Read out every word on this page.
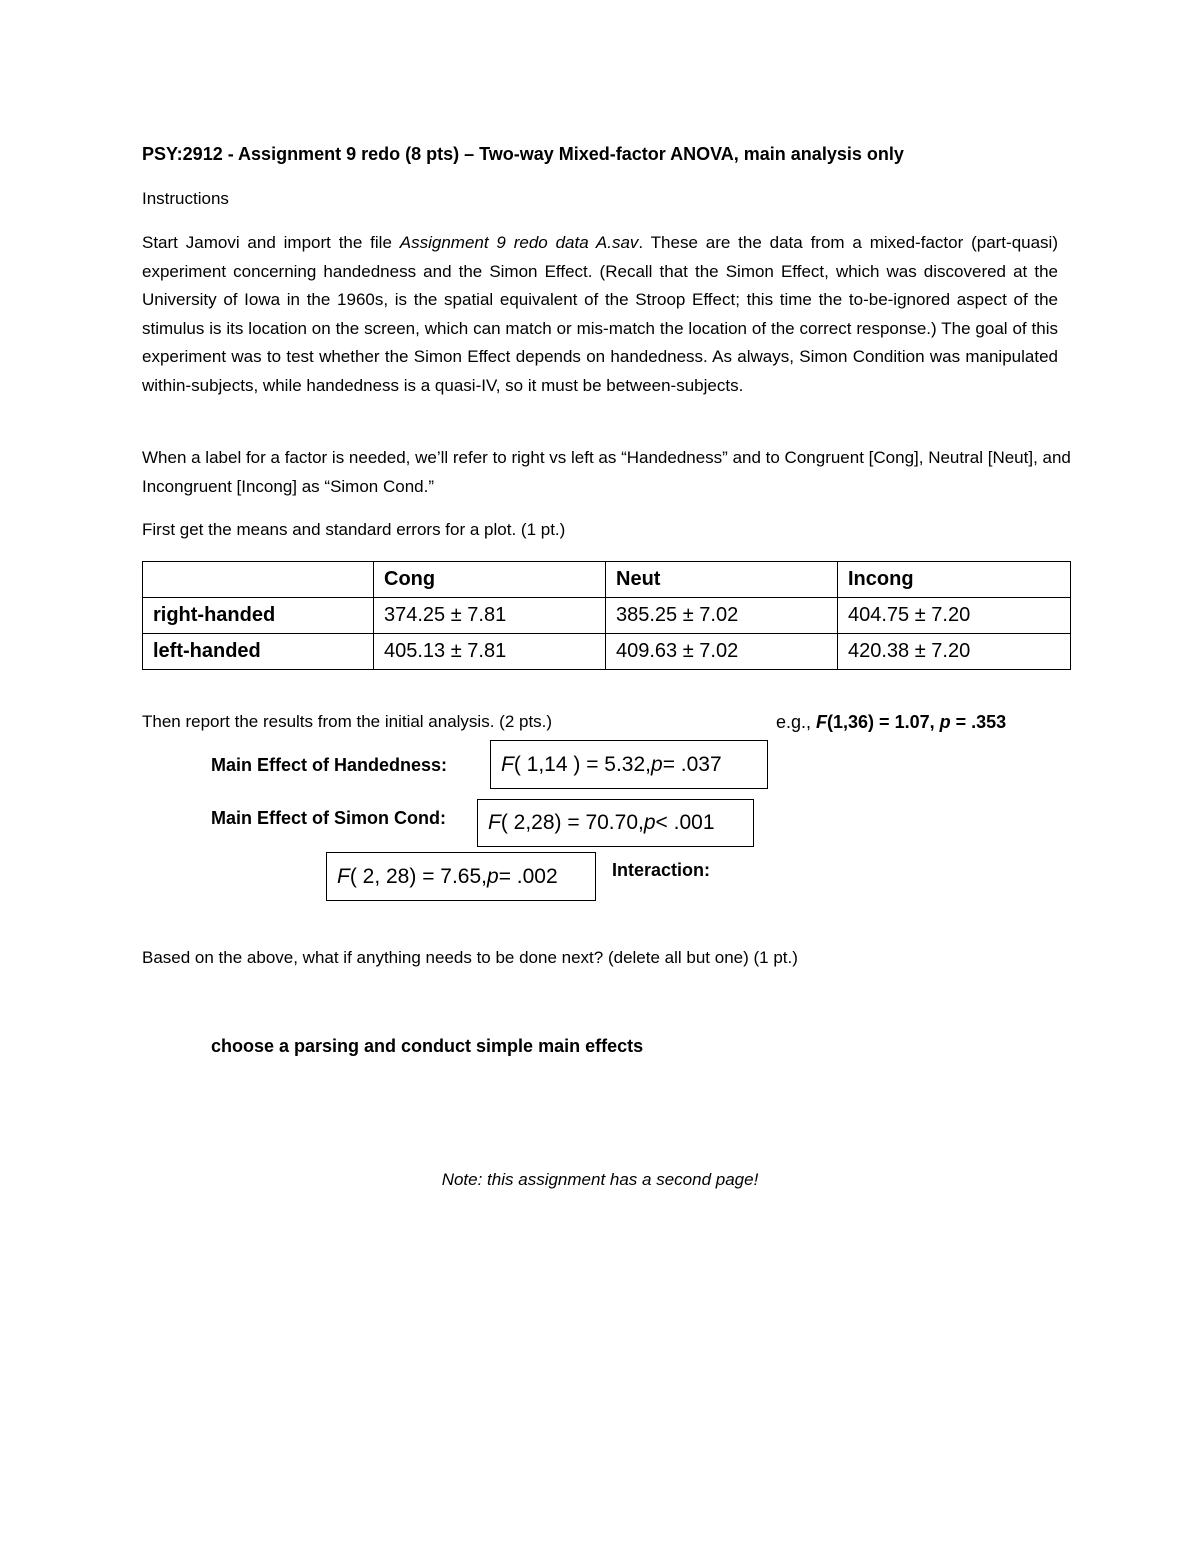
PSY:2912 - Assignment 9 redo (8 pts) – Two-way Mixed-factor ANOVA, main analysis only
Instructions
Start Jamovi and import the file Assignment 9 redo data A.sav. These are the data from a mixed-factor (part-quasi) experiment concerning handedness and the Simon Effect. (Recall that the Simon Effect, which was discovered at the University of Iowa in the 1960s, is the spatial equivalent of the Stroop Effect; this time the to-be-ignored aspect of the stimulus is its location on the screen, which can match or mis-match the location of the correct response.) The goal of this experiment was to test whether the Simon Effect depends on handedness. As always, Simon Condition was manipulated within-subjects, while handedness is a quasi-IV, so it must be between-subjects.
When a label for a factor is needed, we’ll refer to right vs left as “Handedness” and to Congruent [Cong], Neutral [Neut], and Incongruent [Incong] as “Simon Cond.”
First get the means and standard errors for a plot. (1 pt.)
	Cong	Neut	Incong
right-handed	374.25 ± 7.81	385.25 ± 7.02	404.75 ± 7.20
left-handed	405.13 ± 7.81	409.63 ± 7.02	420.38 ± 7.20
Then report the results from the initial analysis. (2 pts.)	e.g., F(1,36) = 1.07, p = .353
Main Effect of Handedness:	F ( 1,14 ) = 5.32, p = .037
Main Effect of Simon Cond: F ( 2,28) = 70.70, p < .001
F ( 2, 28) = 7.65, p = .002	Interaction:
Based on the above, what if anything needs to be done next? (delete all but one) (1 pt.)
choose a parsing and conduct simple main effects
Note: this assignment has a second page!
